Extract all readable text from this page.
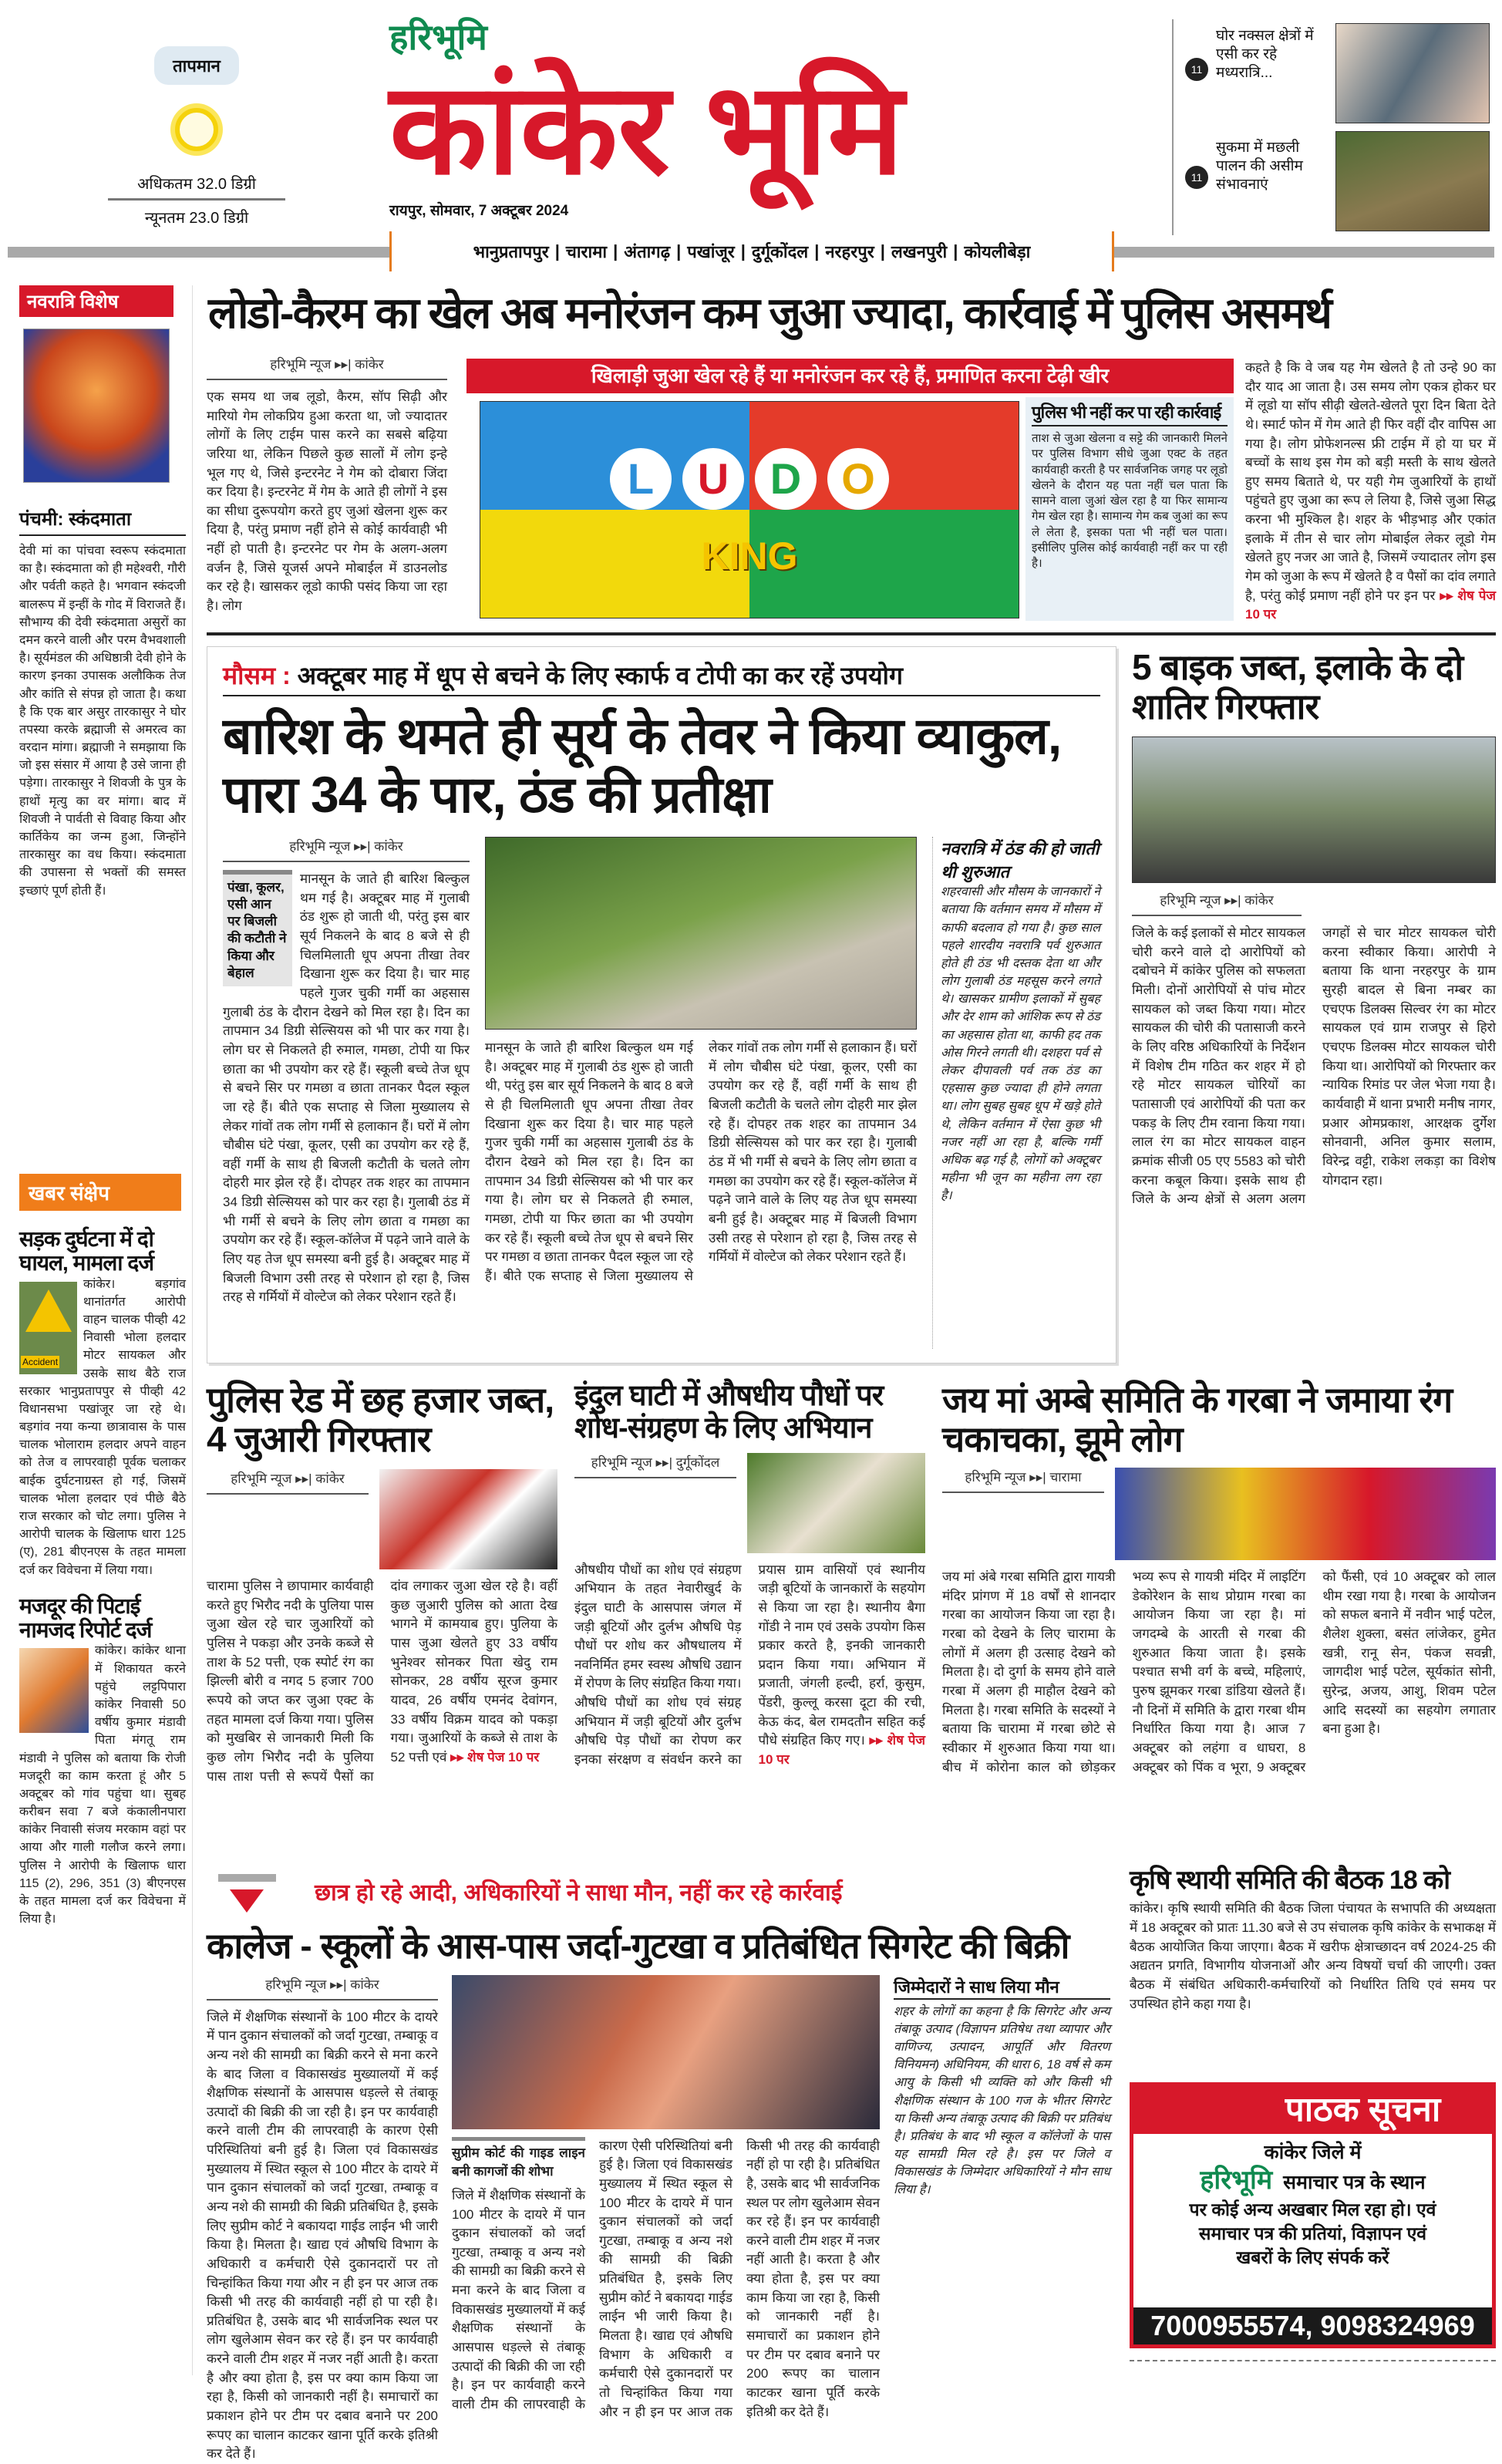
तापमान
अधिकतम 32.0 डिग्री
न्यूनतम 23.0 डिग्री
हरिभूमि
कांकेर भूमि
रायपुर, सोमवार, 7 अक्टूबर 2024
11
घोर नक्सल क्षेत्रों में एसी कर रहे मध्यरात्रि...
11
सुकमा में मछली पालन की असीम संभावनाएं
भानुप्रतापपुर | चारामा | अंतागढ़ | पखांजूर | दुर्गूकोंदल | नरहरपुर | लखनपुरी | कोयलीबेड़ा
नवरात्रि विशेष
पंचमी: स्कंदमाता
देवी मां का पांचवा स्वरूप स्कंदमाता का है। स्कंदमाता को ही महेश्वरी, गौरी और पर्वती कहते है। भगवान स्कंदजी बालरूप में इन्हीं के गोद में विराजते हैं। सौभाग्य की देवी स्कंदमाता असुरों का दमन करने वाली और परम वैभवशाली है। सूर्यमंडल की अधिष्ठात्री देवी होने के कारण इनका उपासक अलौकिक तेज और कांति से संपन्न हो जाता है। कथा है कि एक बार असुर तारकासुर ने घोर तपस्या करके ब्रह्माजी से अमरत्व का वरदान मांगा। ब्रह्माजी ने समझाया कि जो इस संसार में आया है उसे जाना ही पड़ेगा। तारकासुर ने शिवजी के पुत्र के हाथों मृत्यु का वर मांगा। बाद में शिवजी ने पार्वती से विवाह किया और कार्तिकेय का जन्म हुआ, जिन्होंने तारकासुर का वध किया। स्कंदमाता की उपासना से भक्तों की समस्त इच्छाएं पूर्ण होती हैं।
खबर संक्षेप
सड़क दुर्घटना में दो घायल, मामला दर्ज
Accident
कांकेर। बड़गांव थानांतर्गत आरोपी वाहन चालक पीव्ही 42 निवासी भोला हलदार मोटर सायकल और उसके साथ बैठे राज सरकार भानुप्रतापपुर से पीव्ही 42 विधानसभा पखांजूर जा रहे थे। बड़गांव नया कन्या छात्रावास के पास चालक भोलाराम हलदार अपने वाहन को तेज व लापरवाही पूर्वक चलाकर बाईक दुर्घटनाग्रस्त हो गई, जिसमें चालक भोला हलदार एवं पीछे बैठे राज सरकार को चोट लगा। पुलिस ने आरोपी चालक के खिलाफ धारा 125 (ए), 281 बीएनएस के तहत मामला दर्ज कर विवेचना में लिया गया।
मजदूर की पिटाई नामजद रिपोर्ट दर्ज
कांकेर। कांकेर थाना में शिकायत करने पहुंचे लट्टपिपारा कांकेर निवासी 50 वर्षीय कुमार मंडावी पिता मंगतू राम मंडावी ने पुलिस को बताया कि रोजी मजदूरी का काम करता हूं और 5 अक्टूबर को गांव पहुंचा था। सुबह करीबन सवा 7 बजे कंकालीनपारा कांकेर निवासी संजय मरकाम वहां पर आया और गाली गलौज करने लगा। पुलिस ने आरोपी के खिलाफ धारा 115 (2), 296, 351 (3) बीएनएस के तहत मामला दर्ज कर विवेचना में लिया है।
लोडो-कैरम का खेल अब मनोरंजन कम जुआ ज्यादा, कार्रवाई में पुलिस असमर्थ
हरिभूमि न्यूज ▸▸| कांकेर
एक समय था जब लूडो, कैरम, सॉप सिढ़ी और मारियो गेम लोकप्रिय हुआ करता था, जो ज्यादातर लोगों के लिए टाईम पास करने का सबसे बढ़िया जरिया था, लेकिन पिछले कुछ सालों में लोग इन्हे भूल गए थे, जिसे इन्टरनेट ने गेम को दोबारा जिंदा कर दिया है। इन्टरनेट में गेम के आते ही लोगों ने इस का सीधा दुरूपयोग करते हुए जुआं खेलना शुरू कर दिया है, परंतु प्रमाण नहीं होने से कोई कार्यवाही भी नहीं हो पाती है। इन्टरनेट पर गेम के अलग-अलग वर्जन है, जिसे यूजर्स अपने मोबाईल में डाउनलोड कर रहे है। खासकर लूडो काफी पसंद किया जा रहा है। लोग
खिलाड़ी जुआ खेल रहे हैं या मनोरंजन कर रहे हैं, प्रमाणित करना टेढ़ी खीर
L	U D O
KING
पुलिस भी नहीं कर पा रही कार्रवाई
ताश से जुआ खेलना व सट्टे की जानकारी मिलने पर पुलिस विभाग सीधे जुआ एक्ट के तहत कार्यवाही करती है पर सार्वजनिक जगह पर लूडो खेलने के दौरान यह पता नहीं चल पाता कि सामने वाला जुआं खेल रहा है या फिर सामान्य गेम खेल रहा है। सामान्य गेम कब जुआं का रूप ले लेता है, इसका पता भी नहीं चल पाता। इसीलिए पुलिस कोई कार्यवाही नहीं कर पा रही है।
कहते है कि वे जब यह गेम खेलते है तो उन्हे 90 का दौर याद आ जाता है। उस समय लोग एकत्र होकर घर में लूडो या सॉप सीढ़ी खेलते-खेलते पूरा दिन बिता देते थे। स्मार्ट फोन में गेम आते ही फिर वहीं दौर वापिस आ गया है। लोग प्रोफेशनल्स फ्री टाईम में हो या घर में बच्चों के साथ इस गेम को बड़ी मस्ती के साथ खेलते हुए समय बिताते थे, पर यही गेम जुआरियों के हाथों पहुंचते हुए जुआ का रूप ले लिया है, जिसे जुआ सिद्ध करना भी मुश्किल है। शहर के भीड़भाड़ और एकांत इलाके में तीन से चार लोग मोबाईल लेकर लूडो गेम खेलते हुए नजर आ जाते है, जिसमें ज्यादातर लोग इस गेम को जुआ के रूप में खेलते है व पैसों का दांव लगाते है, परंतु कोई प्रमाण नहीं होने पर इन पर ▸▸ शेष पेज 10 पर
मौसम : अक्टूबर माह में धूप से बचने के लिए स्कार्फ व टोपी का कर रहें उपयोग
बारिश के थमते ही सूर्य के तेवर ने किया व्याकुल, पारा 34 के पार, ठंड की प्रतीक्षा
हरिभूमि न्यूज ▸▸| कांकेर
पंखा, कूलर, एसी आन पर बिजली की कटौती ने किया और बेहाल
मानसून के जाते ही बारिश बिल्कुल थम गई है। अक्टूबर माह में गुलाबी ठंड शुरू हो जाती थी, परंतु इस बार सूर्य निकलने के बाद 8 बजे से ही चिलमिलाती धूप अपना तीखा तेवर दिखाना शुरू कर दिया है। चार माह पहले गुजर चुकी गर्मी का अहसास गुलाबी ठंड के दौरान देखने को मिल रहा है। दिन का तापमान 34 डिग्री सेल्सियस को भी पार कर गया है। लोग घर से निकलते ही रुमाल, गमछा, टोपी या फिर छाता का भी उपयोग कर रहे हैं। स्कूली बच्चे तेज धूप से बचने सिर पर गमछा व छाता तानकर पैदल स्कूल जा रहे हैं। बीते एक सप्ताह से जिला मुख्यालय से लेकर गांवों तक लोग गर्मी से हलाकान हैं। घरों में लोग चौबीस घंटे पंखा, कूलर, एसी का उपयोग कर रहे हैं, वहीं गर्मी के साथ ही बिजली कटौती के चलते लोग दोहरी मार झेल रहे हैं। दोपहर तक शहर का तापमान 34 डिग्री सेल्सियस को पार कर रहा है। गुलाबी ठंड में भी गर्मी से बचने के लिए लोग छाता व गमछा का उपयोग कर रहे हैं। स्कूल-कॉलेज में पढ़ने जाने वाले के लिए यह तेज धूप समस्या बनी हुई है। अक्टूबर माह में बिजली विभाग उसी तरह से परेशान हो रहा है, जिस तरह से गर्मियों में वोल्टेज को लेकर परेशान रहते हैं।
मानसून के जाते ही बारिश बिल्कुल थम गई है। अक्टूबर माह में गुलाबी ठंड शुरू हो जाती थी, परंतु इस बार सूर्य निकलने के बाद 8 बजे से ही चिलमिलाती धूप अपना तीखा तेवर दिखाना शुरू कर दिया है। चार माह पहले गुजर चुकी गर्मी का अहसास गुलाबी ठंड के दौरान देखने को मिल रहा है। दिन का तापमान 34 डिग्री सेल्सियस को भी पार कर गया है। लोग घर से निकलते ही रुमाल, गमछा, टोपी या फिर छाता का भी उपयोग कर रहे हैं। स्कूली बच्चे तेज धूप से बचने सिर पर गमछा व छाता तानकर पैदल स्कूल जा रहे हैं। बीते एक सप्ताह से जिला मुख्यालय से लेकर गांवों तक लोग गर्मी से हलाकान हैं। घरों में लोग चौबीस घंटे पंखा, कूलर, एसी का उपयोग कर रहे हैं, वहीं गर्मी के साथ ही बिजली कटौती के चलते लोग दोहरी मार झेल रहे हैं। दोपहर तक शहर का तापमान 34 डिग्री सेल्सियस को पार कर रहा है। गुलाबी ठंड में भी गर्मी से बचने के लिए लोग छाता व गमछा का उपयोग कर रहे हैं। स्कूल-कॉलेज में पढ़ने जाने वाले के लिए यह तेज धूप समस्या बनी हुई है। अक्टूबर माह में बिजली विभाग उसी तरह से परेशान हो रहा है, जिस तरह से गर्मियों में वोल्टेज को लेकर परेशान रहते हैं।
नवरात्रि में ठंड की हो जाती थी शुरुआत
शहरवासी और मौसम के जानकारों ने बताया कि वर्तमान समय में मौसम में काफी बदलाव हो गया है। कुछ साल पहले शारदीय नवरात्रि पर्व शुरुआत होते ही ठंड भी दस्तक देता था और लोग गुलाबी ठंड महसूस करने लगते थे। खासकर ग्रामीण इलाकों में सुबह और देर शाम को आंशिक रूप से ठंड का अहसास होता था, काफी हद तक ओस गिरने लगती थी। दशहरा पर्व से लेकर दीपावली पर्व तक ठंड का एहसास कुछ ज्यादा ही होने लगता था। लोग सुबह सुबह धूप में खड़े होते थे, लेकिन वर्तमान में ऐसा कुछ भी नजर नहीं आ रहा है, बल्कि गर्मी अधिक बढ़ गई है, लोगों को अक्टूबर महीना भी जून का महीना लग रहा है।
5 बाइक जब्त, इलाके के दो शातिर गिरफ्तार
हरिभूमि न्यूज ▸▸| कांकेर
जिले के कई इलाकों से मोटर सायकल चोरी करने वाले दो आरोपियों को दबोचने में कांकेर पुलिस को सफलता मिली। दोनों आरोपियों से पांच मोटर सायकल को जब्त किया गया। मोटर सायकल की चोरी की पतासाजी करने के लिए वरिष्ठ अधिकारियों के निर्देशन में विशेष टीम गठित कर शहर में हो रहे मोटर सायकल चोरियों का पतासाजी एवं आरोपियों की पता कर पकड़ के लिए टीम रवाना किया गया। लाल रंग का मोटर सायकल वाहन क्रमांक सीजी 05 एए 5583 को चोरी करना कबूल किया। इसके साथ ही जिले के अन्य क्षेत्रों से अलग अलग जगहों से चार मोटर सायकल चोरी करना स्वीकार किया। आरोपी ने बताया कि थाना नरहरपुर के ग्राम सुरही बादल से बिना नम्बर का एचएफ डिलक्स सिल्वर रंग का मोटर सायकल एवं ग्राम राजपुर से हिरो एचएफ डिलक्स मोटर सायकल चोरी किया था। आरोपियों को गिरफ्तार कर न्यायिक रिमांड पर जेल भेजा गया है। कार्यवाही में थाना प्रभारी मनीष नागर, प्रआर ओमप्रकाश, आरक्षक दुर्गेश सोनवानी, अनिल कुमार सलाम, विरेन्द्र वट्टी, राकेश लकड़ा का विशेष योगदान रहा।
पुलिस रेड में छह हजार जब्त, 4 जुआरी गिरफ्तार
हरिभूमि न्यूज ▸▸| कांकेर
चारामा पुलिस ने छापामार कार्यवाही करते हुए भिरौद नदी के पुलिया पास जुआ खेल रहे चार जुआरियों को पुलिस ने पकड़ा और उनके कब्जे से ताश के 52 पत्ती, एक स्पोर्ट रंग का झिल्ली बोरी व नगद 5 हजार 700 रूपये को जप्त कर जुआ एक्ट के तहत मामला दर्ज किया गया। पुलिस को मुखबिर से जानकारी मिली कि कुछ लोग भिरौद नदी के पुलिया पास ताश पत्ती से रूपयें पैसों का दांव लगाकर जुआ खेल रहे है। वहीं कुछ जुआरी पुलिस को आता देख भागने में कामयाब हुए। पुलिया के पास जुआ खेलते हुए 33 वर्षीय भुनेश्वर सोनकर पिता खेदु राम सोनकर, 28 वर्षीय सूरज कुमार यादव, 26 वर्षीय एमनंद देवांगन, 33 वर्षीय विक्रम यादव को पकड़ा गया। जुआरियों के कब्जे से ताश के 52 पत्ती एवं ▸▸ शेष पेज 10 पर
इंदुल घाटी में औषधीय पौधों पर शोध-संग्रहण के लिए अभियान
हरिभूमि न्यूज ▸▸| दुर्गूकोंदल
औषधीय पौधों का शोध एवं संग्रहण अभियान के तहत नेवारीखुर्द के इंदुल घाटी के आसपास जंगल में जड़ी बूटियों और दुर्लभ औषधि पेड़ पौधों पर शोध कर औषधालय में नवनिर्मित हमर स्वस्थ औषधि उद्यान में रोपण के लिए संग्रहित किया गया। औषधि पौधों का शोध एवं संग्रह अभियान में जड़ी बूटियों और दुर्लभ औषधि पेड़ पौधों का रोपण कर इनका संरक्षण व संवर्धन करने का प्रयास ग्राम वासियों एवं स्थानीय जड़ी बूटियों के जानकारों के सहयोग से किया जा रहा है। स्थानीय बैगा गोंडी ने नाम एवं उसके उपयोग किस प्रकार करते है, इनकी जानकारी प्रदान किया गया। अभियान में प्रजाती, जंगली हल्दी, हर्रा, कुसुम, पेंडरी, कुल्लू करसा दूटा की रची, केऊ कंद, बेल रामदतौन सहित कई पौधे संग्रहित किए गए। ▸▸ शेष पेज 10 पर
जय मां अम्बे समिति के गरबा ने जमाया रंग चकाचका, झूमे लोग
हरिभूमि न्यूज ▸▸| चारामा
जय मां अंबे गरबा समिति द्वारा गायत्री मंदिर प्रांगण में 18 वर्षों से शानदार गरबा का आयोजन किया जा रहा है। गरबा को देखने के लिए चारामा के लोगों में अलग ही उत्साह देखने को मिलता है। दो दुर्गा के समय होने वाले गरबा में अलग ही माहौल देखने को मिलता है। गरबा समिति के सदस्यों ने बताया कि चारामा में गरबा छोटे से स्वीकार में शुरुआत किया गया था। बीच में कोरोना काल को छोड़कर भव्य रूप से गायत्री मंदिर में लाइटिंग डेकोरेशन के साथ प्रोग्राम गरबा का आयोजन किया जा रहा है। मां जगदम्बे के आरती से गरबा की शुरुआत किया जाता है। इसके पश्चात सभी वर्ग के बच्चे, महिलाएं, पुरुष झूमकर गरबा डांडिया खेलते हैं। नौ दिनों में समिति के द्वारा गरबा थीम निर्धारित किया गया है। आज 7 अक्टूबर को लहंगा व धाघरा, 8 अक्टूबर को पिंक व भूरा, 9 अक्टूबर को फैंसी, एवं 10 अक्टूबर को लाल थीम रखा गया है। गरबा के आयोजन को सफल बनाने में नवीन भाई पटेल, शैलेश शुक्ला, बसंत लांजेकर, हुमेत खत्री, रानू सेन, पंकज सवन्नी, जागदीश भाई पटेल, सूर्यकांत सोनी, सुरेन्द्र, अजय, आशु, शिवम पटेल आदि सदस्यों का सहयोग लगातार बना हुआ है।
छात्र हो रहे आदी, अधिकारियों ने साधा मौन, नहीं कर रहे कार्रवाई
कालेज - स्कूलों के आस-पास जर्दा-गुटखा व प्रतिबंधित सिगरेट की बिक्री
हरिभूमि न्यूज ▸▸| कांकेर
जिले में शैक्षणिक संस्थानों के 100 मीटर के दायरे में पान दुकान संचालकों को जर्दा गुटखा, तम्बाकू व अन्य नशे की सामग्री का बिक्री करने से मना करने के बाद जिला व विकासखंड मुख्यालयों में कई शैक्षणिक संस्थानों के आसपास धड़ल्ले से तंबाकू उत्पादों की बिक्री की जा रही है। इन पर कार्यवाही करने वाली टीम की लापरवाही के कारण ऐसी परिस्थितियां बनी हुई है। जिला एवं विकासखंड मुख्यालय में स्थित स्कूल से 100 मीटर के दायरे में पान दुकान संचालकों को जर्दा गुटखा, तम्बाकू व अन्य नशे की सामग्री की बिक्री प्रतिबंधित है, इसके लिए सुप्रीम कोर्ट ने बकायदा गाईड लाईन भी जारी किया है। मिलता है। खाद्य एवं औषधि विभाग के अधिकारी व कर्मचारी ऐसे दुकानदारों पर तो चिन्हांकित किया गया और न ही इन पर आज तक किसी भी तरह की कार्यवाही नहीं हो पा रही है। प्रतिबंधित है, उसके बाद भी सार्वजनिक स्थल पर लोग खुलेआम सेवन कर रहे हैं। इन पर कार्यवाही करने वाली टीम शहर में नजर नहीं आती है। करता है और क्या होता है, इस पर क्या काम किया जा रहा है, किसी को जानकारी नहीं है। समाचारों का प्रकाशन होने पर टीम पर दबाव बनाने पर 200 रूपए का चालान काटकर खाना पूर्ति करके इतिश्री कर देते हैं।
सुप्रीम कोर्ट की गाइड लाइन बनी कागजों की शोभा
जिले में शैक्षणिक संस्थानों के 100 मीटर के दायरे में पान दुकान संचालकों को जर्दा गुटखा, तम्बाकू व अन्य नशे की सामग्री का बिक्री करने से मना करने के बाद जिला व विकासखंड मुख्यालयों में कई शैक्षणिक संस्थानों के आसपास धड़ल्ले से तंबाकू उत्पादों की बिक्री की जा रही है। इन पर कार्यवाही करने वाली टीम की लापरवाही के कारण ऐसी परिस्थितियां बनी हुई है। जिला एवं विकासखंड मुख्यालय में स्थित स्कूल से 100 मीटर के दायरे में पान दुकान संचालकों को जर्दा गुटखा, तम्बाकू व अन्य नशे की सामग्री की बिक्री प्रतिबंधित है, इसके लिए सुप्रीम कोर्ट ने बकायदा गाईड लाईन भी जारी किया है। मिलता है। खाद्य एवं औषधि विभाग के अधिकारी व कर्मचारी ऐसे दुकानदारों पर तो चिन्हांकित किया गया और न ही इन पर आज तक किसी भी तरह की कार्यवाही नहीं हो पा रही है। प्रतिबंधित है, उसके बाद भी सार्वजनिक स्थल पर लोग खुलेआम सेवन कर रहे हैं। इन पर कार्यवाही करने वाली टीम शहर में नजर नहीं आती है। करता है और क्या होता है, इस पर क्या काम किया जा रहा है, किसी को जानकारी नहीं है। समाचारों का प्रकाशन होने पर टीम पर दबाव बनाने पर 200 रूपए का चालान काटकर खाना पूर्ति करके इतिश्री कर देते हैं।
जिम्मेदारों ने साध लिया मौन
शहर के लोगों का कहना है कि सिगरेट और अन्य तंबाकू उत्पाद (विज्ञापन प्रतिषेध तथा व्यापार और वाणिज्य, उत्पादन, आपूर्ति और वितरण विनियमन) अधिनियम, की धारा 6, 18 वर्ष से कम आयु के किसी भी व्यक्ति को और किसी भी शैक्षणिक संस्थान के 100 गज के भीतर सिगरेट या किसी अन्य तंबाकू उत्पाद की बिक्री पर प्रतिबंध है। प्रतिबंध के बाद भी स्कूल व कॉलेजों के पास यह सामग्री मिल रहे है। इस पर जिले व विकासखंड के जिम्मेदार अधिकारियों ने मौन साध लिया है।
कृषि स्थायी समिति की बैठक 18 को
कांकेर। कृषि स्थायी समिति की बैठक जिला पंचायत के सभापति की अध्यक्षता में 18 अक्टूबर को प्रातः 11.30 बजे से उप संचालक कृषि कांकेर के सभाकक्ष में बैठक आयोजित किया जाएगा। बैठक में खरीफ क्षेत्राच्छादन वर्ष 2024-25 की अद्यतन प्रगति, विभागीय योजनाओं और अन्य विषयों चर्चा की जाएगी। उक्त बैठक में संबंधित अधिकारी-कर्मचारियों को निर्धारित तिथि एवं समय पर उपस्थित होने कहा गया है।
पाठक सूचना
कांकेर जिले में
हरिभूमि समाचार पत्र के स्थान
पर कोई अन्य अखबार मिल रहा हो। एवं
समाचार पत्र की प्रतियां, विज्ञापन एवं
खबरों के लिए संपर्क करें
7000955574, 9098324969
